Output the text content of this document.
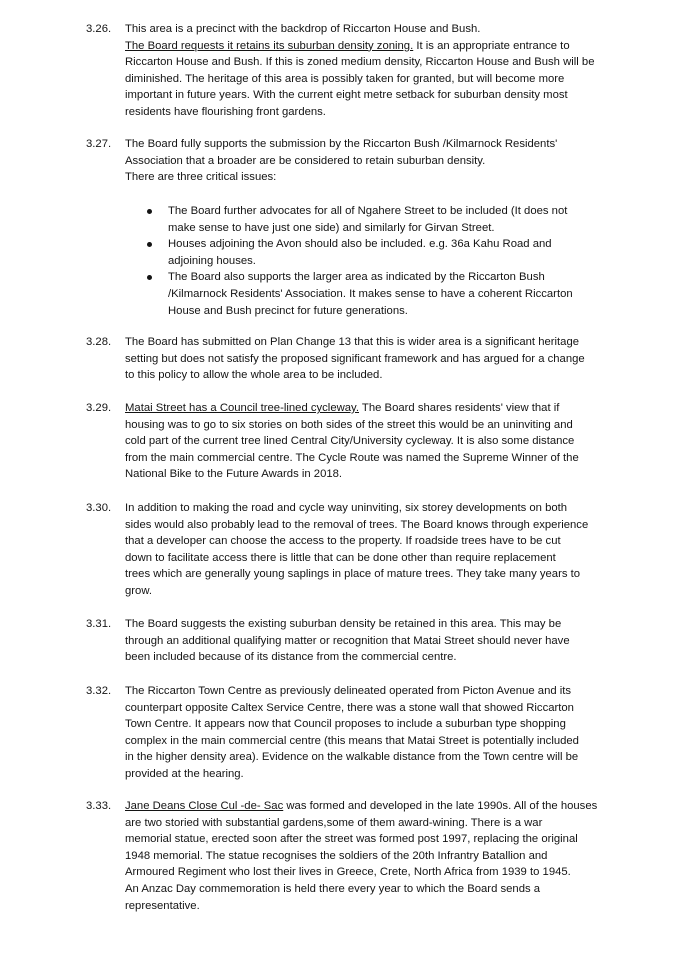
3.26.	This area is a precinct with the backdrop of Riccarton House and Bush.
The Board requests it retains its suburban density zoning. It is an appropriate entrance to
Riccarton House and Bush. If this is zoned medium density, Riccarton House and Bush will be
diminished. The heritage of this area is possibly taken for granted, but will become more
important in future years. With the current eight metre setback for suburban density most
residents have flourishing front gardens.
3.27.	The Board fully supports the submission by the Riccarton Bush /Kilmarnock Residents'
Association that a broader are be considered to retain suburban density.
There are three critical issues:
The Board further advocates for all of Ngahere Street to be included (It does not
make sense to have just one side) and similarly for Girvan Street.
Houses adjoining the Avon should also be included. e.g. 36a Kahu Road and
adjoining houses.
The Board also supports the larger area as indicated by the Riccarton Bush
/Kilmarnock Residents' Association. It makes sense to have a coherent Riccarton
House and Bush precinct for future generations.
3.28.	The Board has submitted on Plan Change 13 that this is wider area is a significant heritage
setting but does not satisfy the proposed significant framework and has argued for a change
to this policy to allow the whole area to be included.
3.29.	Matai Street has a Council tree-lined cycleway. The Board shares residents' view that if
housing was to go to six stories on both sides of the street this would be an uninviting and
cold part of the current tree lined Central City/University cycleway. It is also some distance
from the main commercial centre. The Cycle Route was named the Supreme Winner of the
National Bike to the Future Awards in 2018.
3.30.	In addition to making the road and cycle way uninviting, six storey developments on both
sides would also probably lead to the removal of trees. The Board knows through experience
that a developer can choose the access to the property. If roadside trees have to be cut
down to facilitate access there is little that can be done other than require replacement
trees which are generally young saplings in place of mature trees. They take many years to
grow.
3.31.	The Board suggests the existing suburban density be retained in this area. This may be
through an additional qualifying matter or recognition that Matai Street should never have
been included because of its distance from the commercial centre.
3.32.	The Riccarton Town Centre as previously delineated operated from Picton Avenue and its
counterpart opposite Caltex Service Centre, there was a stone wall that showed Riccarton
Town Centre. It appears now that Council proposes to include a suburban type shopping
complex in the main commercial centre (this means that Matai Street is potentially included
in the higher density area). Evidence on the walkable distance from the Town centre will be
provided at the hearing.
3.33.	Jane Deans Close Cul -de- Sac was formed and developed in the late 1990s. All of the houses
are two storied with substantial gardens,some of them award-wining. There is a war
memorial statue, erected soon after the street was formed post 1997, replacing the original
1948 memorial. The statue recognises the soldiers of the 20th Infrantry Batallion and
Armoured Regiment who lost their lives in Greece, Crete, North Africa from 1939 to 1945.
An Anzac Day commemoration is held there every year to which the Board sends a
representative.
